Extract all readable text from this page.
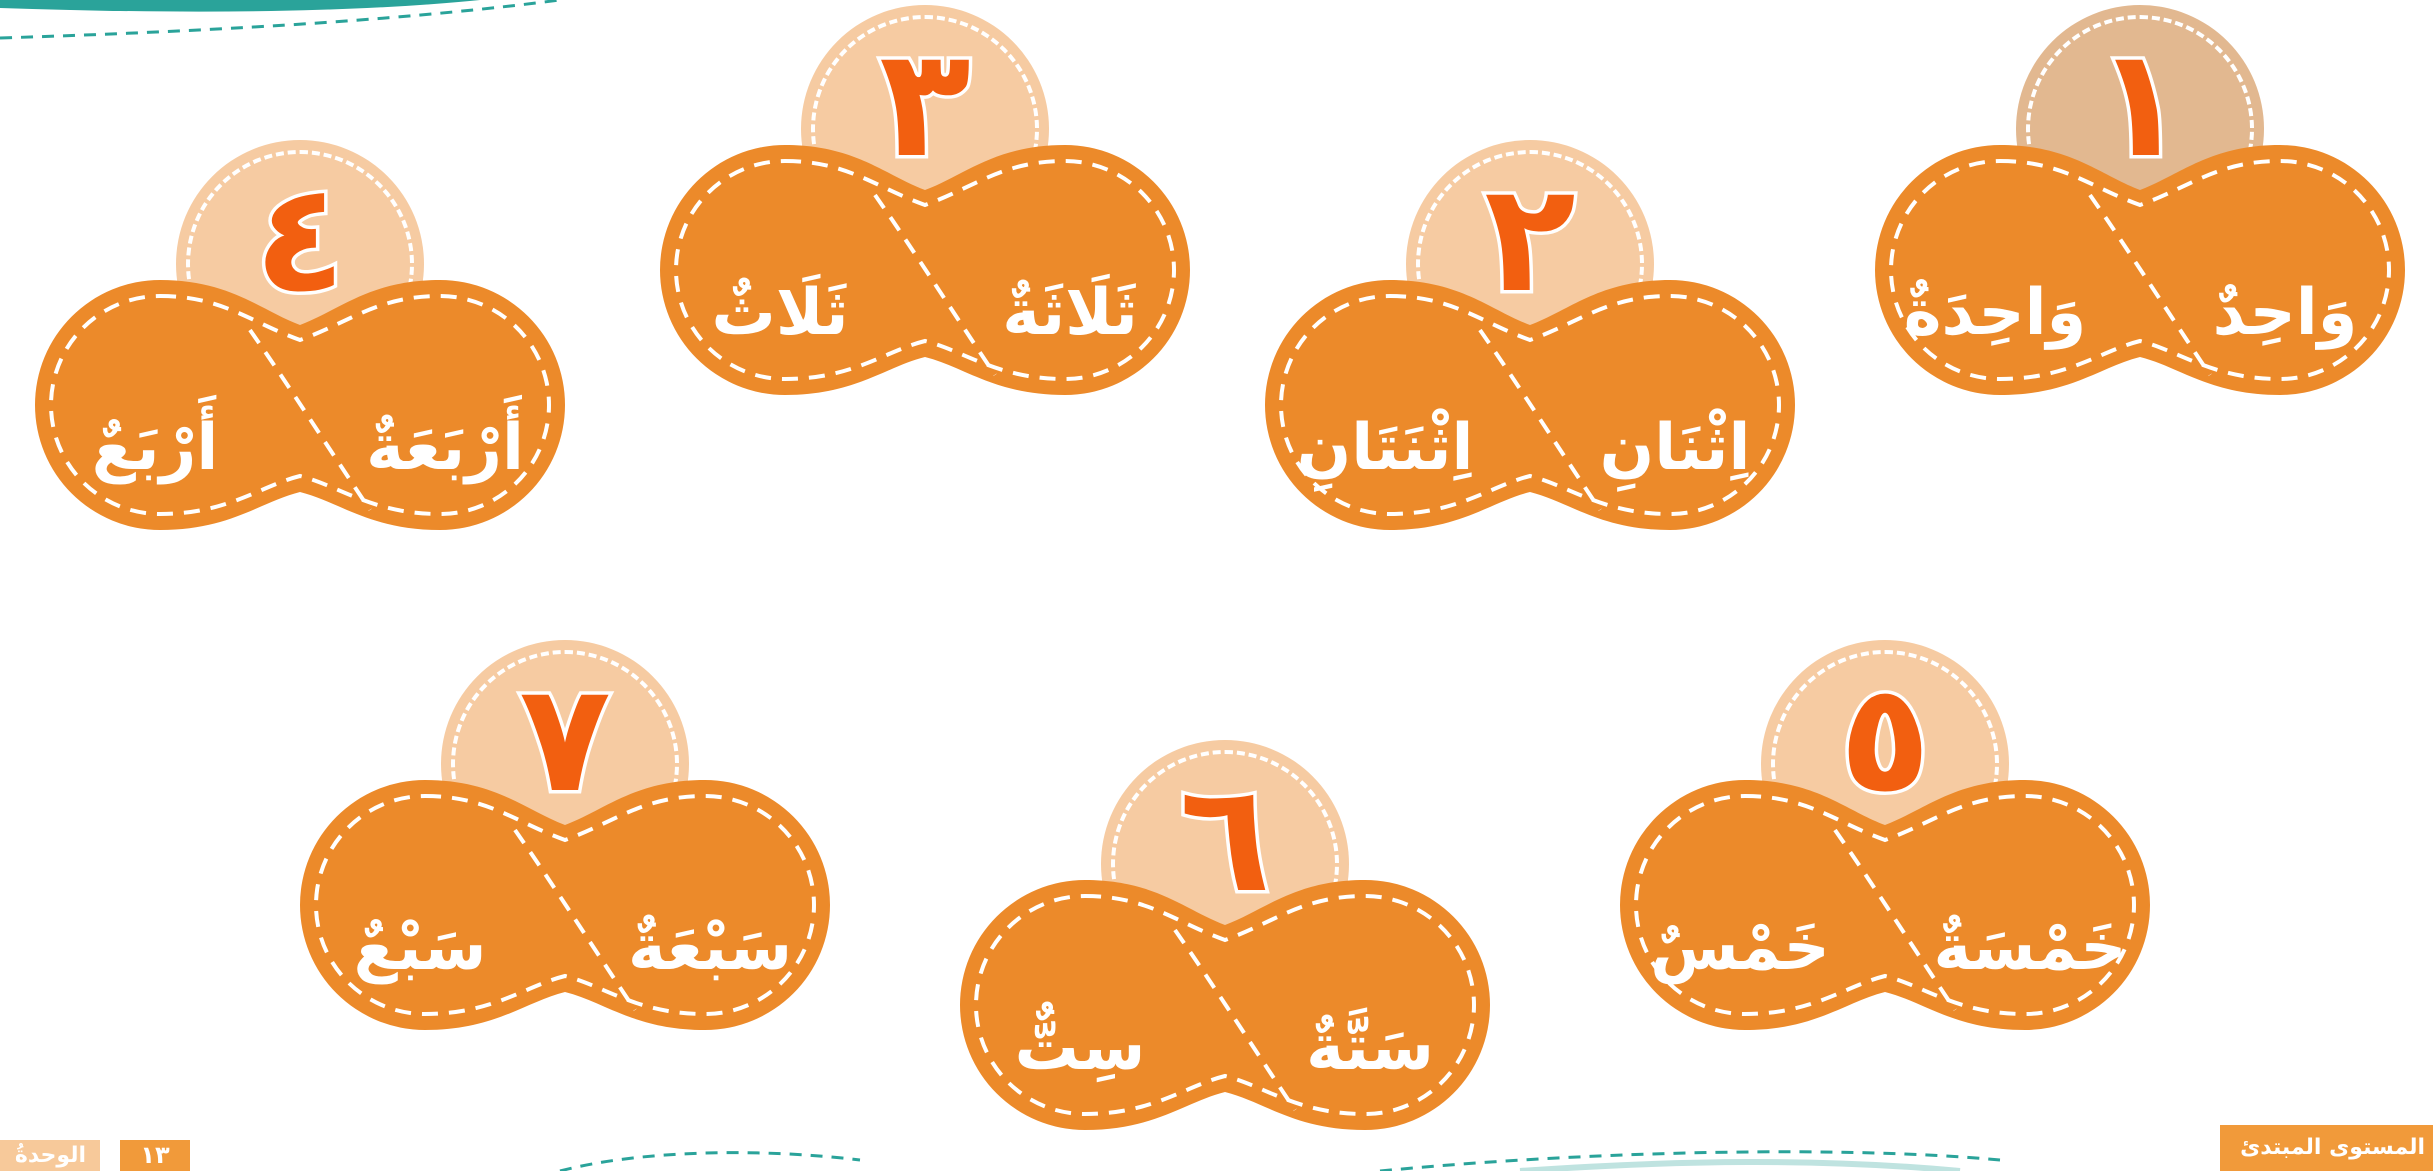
١
وَاحِدٌ
وَاحِدَةٌ
٢
اِثْنَانِ
اِثْنَتَانِ
٣
ثَلَاثَةٌ
ثَلَاثٌ
٤
أَرْبَعَةٌ
أَرْبَعٌ
٥
خَمْسَةٌ
خَمْسٌ
٦
سَتَّةٌ
سِتٌّ
٧
سَبْعَةٌ
سَبْعٌ
الوحدةُ	١٣	المستوى المبتدئ
